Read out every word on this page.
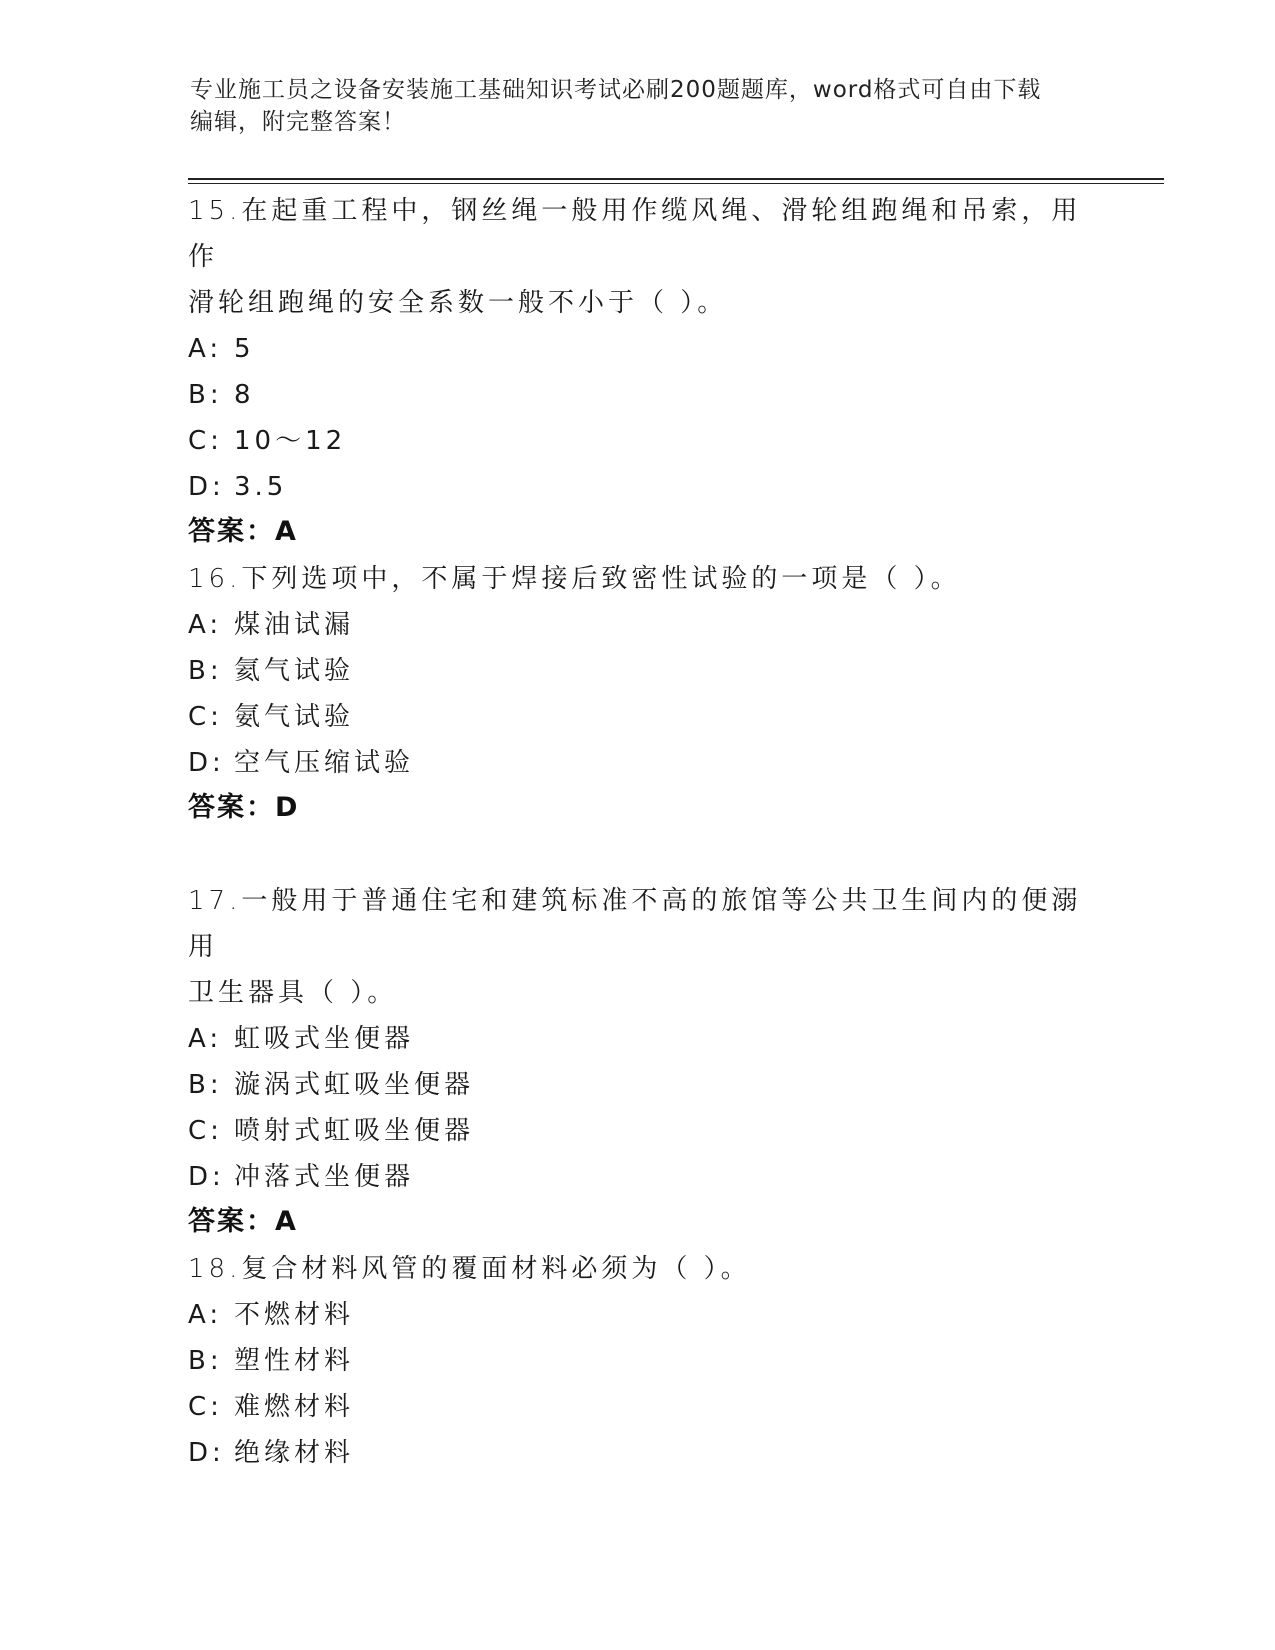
专业施工员之设备安装施工基础知识考试必刷200题题库，word格式可自由下载
编辑，附完整答案！

15.在起重工程中，钢丝绳一般用作缆风绳、滑轮组跑绳和吊索，用作

滑轮组跑绳的安全系数一般不小于（ ）。

A: 5

B: 8

C: 10～12

D: 3.5

答案：A

16.下列选项中，不属于焊接后致密性试验的一项是（ ）。

A: 煤油试漏

B: 氦气试验

C: 氨气试验

D: 空气压缩试验

答案：D

17.一般用于普通住宅和建筑标准不高的旅馆等公共卫生间内的便溺用

卫生器具（ ）。

A: 虹吸式坐便器

B: 漩涡式虹吸坐便器

C: 喷射式虹吸坐便器

D: 冲落式坐便器

答案：A

18.复合材料风管的覆面材料必须为（ ）。

A: 不燃材料

B: 塑性材料

C: 难燃材料

D: 绝缘材料
